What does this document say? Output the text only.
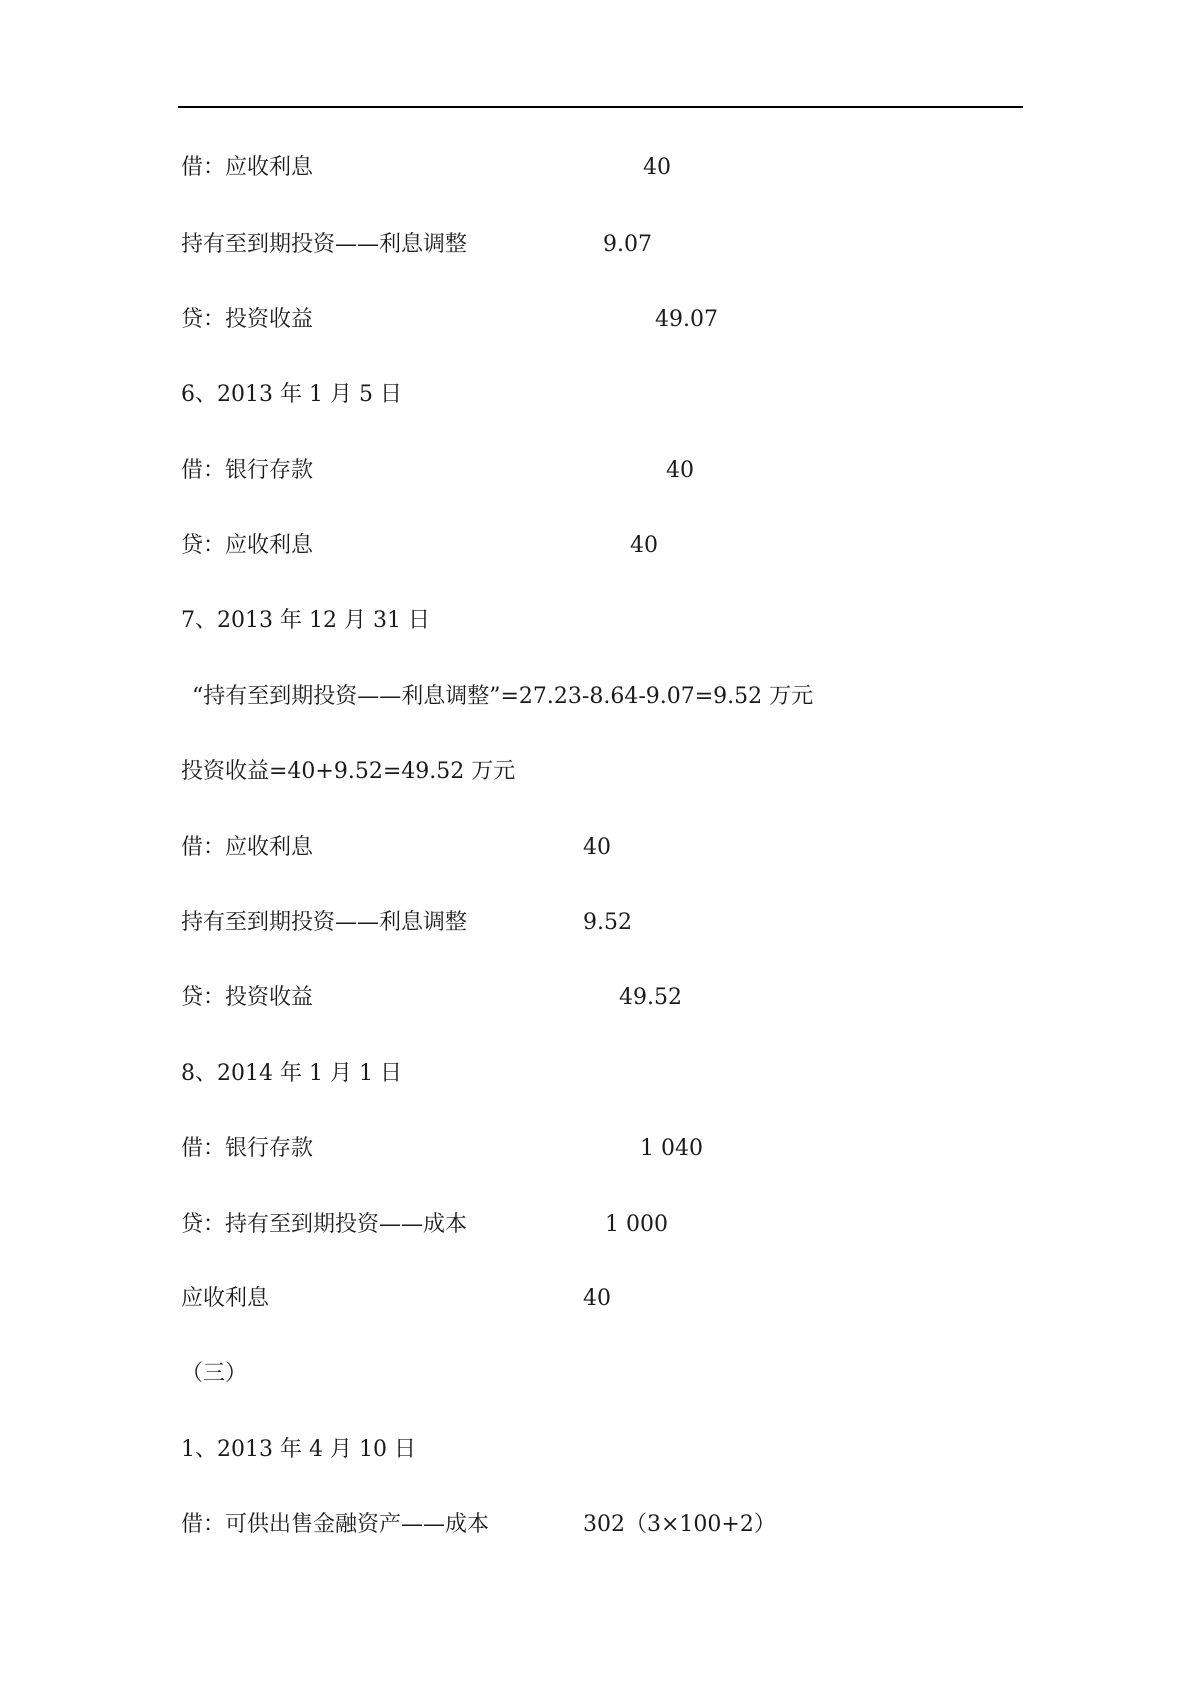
借：应收利息	40
持有至到期投资——利息调整	9.07
贷：投资收益	49.07
6、2013 年 1 月 5 日
借：银行存款	40
贷：应收利息	40
7、2013 年 12 月 31 日
“持有至到期投资——利息调整”=27.23-8.64-9.07=9.52 万元
投资收益=40+9.52=49.52 万元
借：应收利息	40
持有至到期投资——利息调整	9.52
贷：投资收益	49.52
8、2014 年 1 月 1 日
借：银行存款	1 040
贷：持有至到期投资——成本	1 000
应收利息	40
（三）
1、2013 年 4 月 10 日
借：可供出售金融资产——成本	302（3×100+2）
